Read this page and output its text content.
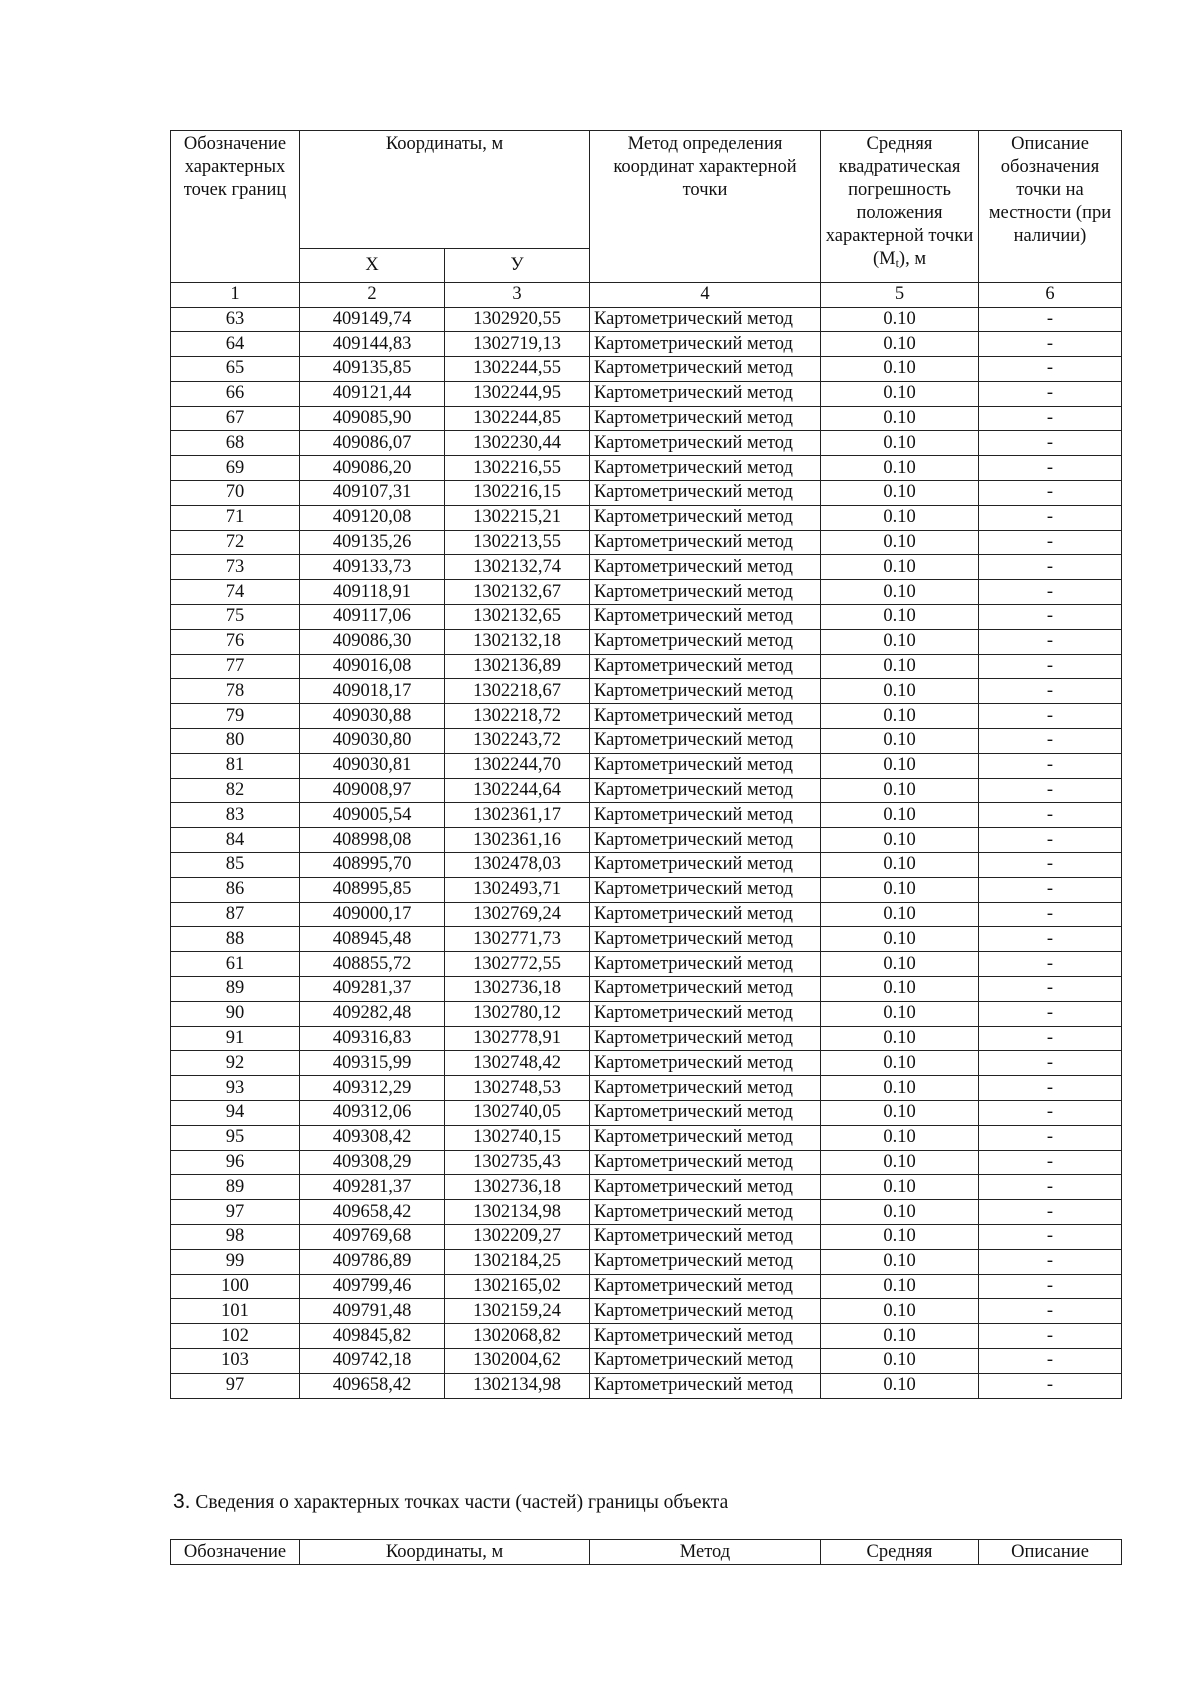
Обозначение характерных точек границ	Координаты, м		Метод определения координат характерной точки	Средняя квадратическая погрешность положения характерной точки $(M_t)$, м	Описание обозначения точки на местности (при наличии)
	X	У			
1	2	3	4	5	6
63	409149,74	1302920,55	Картометрический метод	0.10	-
64	409144,83	1302719,13	Картометрический метод	0.10	-
65	409135,85	1302244,55	Картометрический метод	0.10	-
66	409121,44	1302244,95	Картометрический метод	0.10	-
67	409085,90	1302244,85	Картометрический метод	0.10	-
68	409086,07	1302230,44	Картометрический метод	0.10	-
69	409086,20	1302216,55	Картометрический метод	0.10	-
70	409107,31	1302216,15	Картометрический метод	0.10	-
71	409120,08	1302215,21	Картометрический метод	0.10	-
72	409135,26	1302213,55	Картометрический метод	0.10	-
73	409133,73	1302132,74	Картометрический метод	0.10	-
74	409118,91	1302132,67	Картометрический метод	0.10	-
75	409117,06	1302132,65	Картометрический метод	0.10	-
76	409086,30	1302132,18	Картометрический метод	0.10	-
77	409016,08	1302136,89	Картометрический метод	0.10	-
78	409018,17	1302218,67	Картометрический метод	0.10	-
79	409030,88	1302218,72	Картометрический метод	0.10	-
80	409030,80	1302243,72	Картометрический метод	0.10	-
81	409030,81	1302244,70	Картометрический метод	0.10	-
82	409008,97	1302244,64	Картометрический метод	0.10	-
83	409005,54	1302361,17	Картометрический метод	0.10	-
84	408998,08	1302361,16	Картометрический метод	0.10	-
85	408995,70	1302478,03	Картометрический метод	0.10	-
86	408995,85	1302493,71	Картометрический метод	0.10	-
87	409000,17	1302769,24	Картометрический метод	0.10	-
88	408945,48	1302771,73	Картометрический метод	0.10	-
61	408855,72	1302772,55	Картометрический метод	0.10	-
89	409281,37	1302736,18	Картометрический метод	0.10	-
90	409282,48	1302780,12	Картометрический метод	0.10	-
91	409316,83	1302778,91	Картометрический метод	0.10	-
92	409315,99	1302748,42	Картометрический метод	0.10	-
93	409312,29	1302748,53	Картометрический метод	0.10	-
94	409312,06	1302740,05	Картометрический метод	0.10	-
95	409308,42	1302740,15	Картометрический метод	0.10	-
96	409308,29	1302735,43	Картометрический метод	0.10	-
89	409281,37	1302736,18	Картометрический метод	0.10	-
97	409658,42	1302134,98	Картометрический метод	0.10	-
98	409769,68	1302209,27	Картометрический метод	0.10	-
99	409786,89	1302184,25	Картометрический метод	0.10	-
100	409799,46	1302165,02	Картометрический метод	0.10	-
101	409791,48	1302159,24	Картометрический метод	0.10	-
102	409845,82	1302068,82	Картометрический метод	0.10	-
103	409742,18	1302004,62	Картометрический метод	0.10	-
97	409658,42	1302134,98	Картометрический метод	0.10	-
3. Сведения о характерных точках части (частей) границы объекта
Обозначение	Координаты, м	Метод	Средняя	Описание
